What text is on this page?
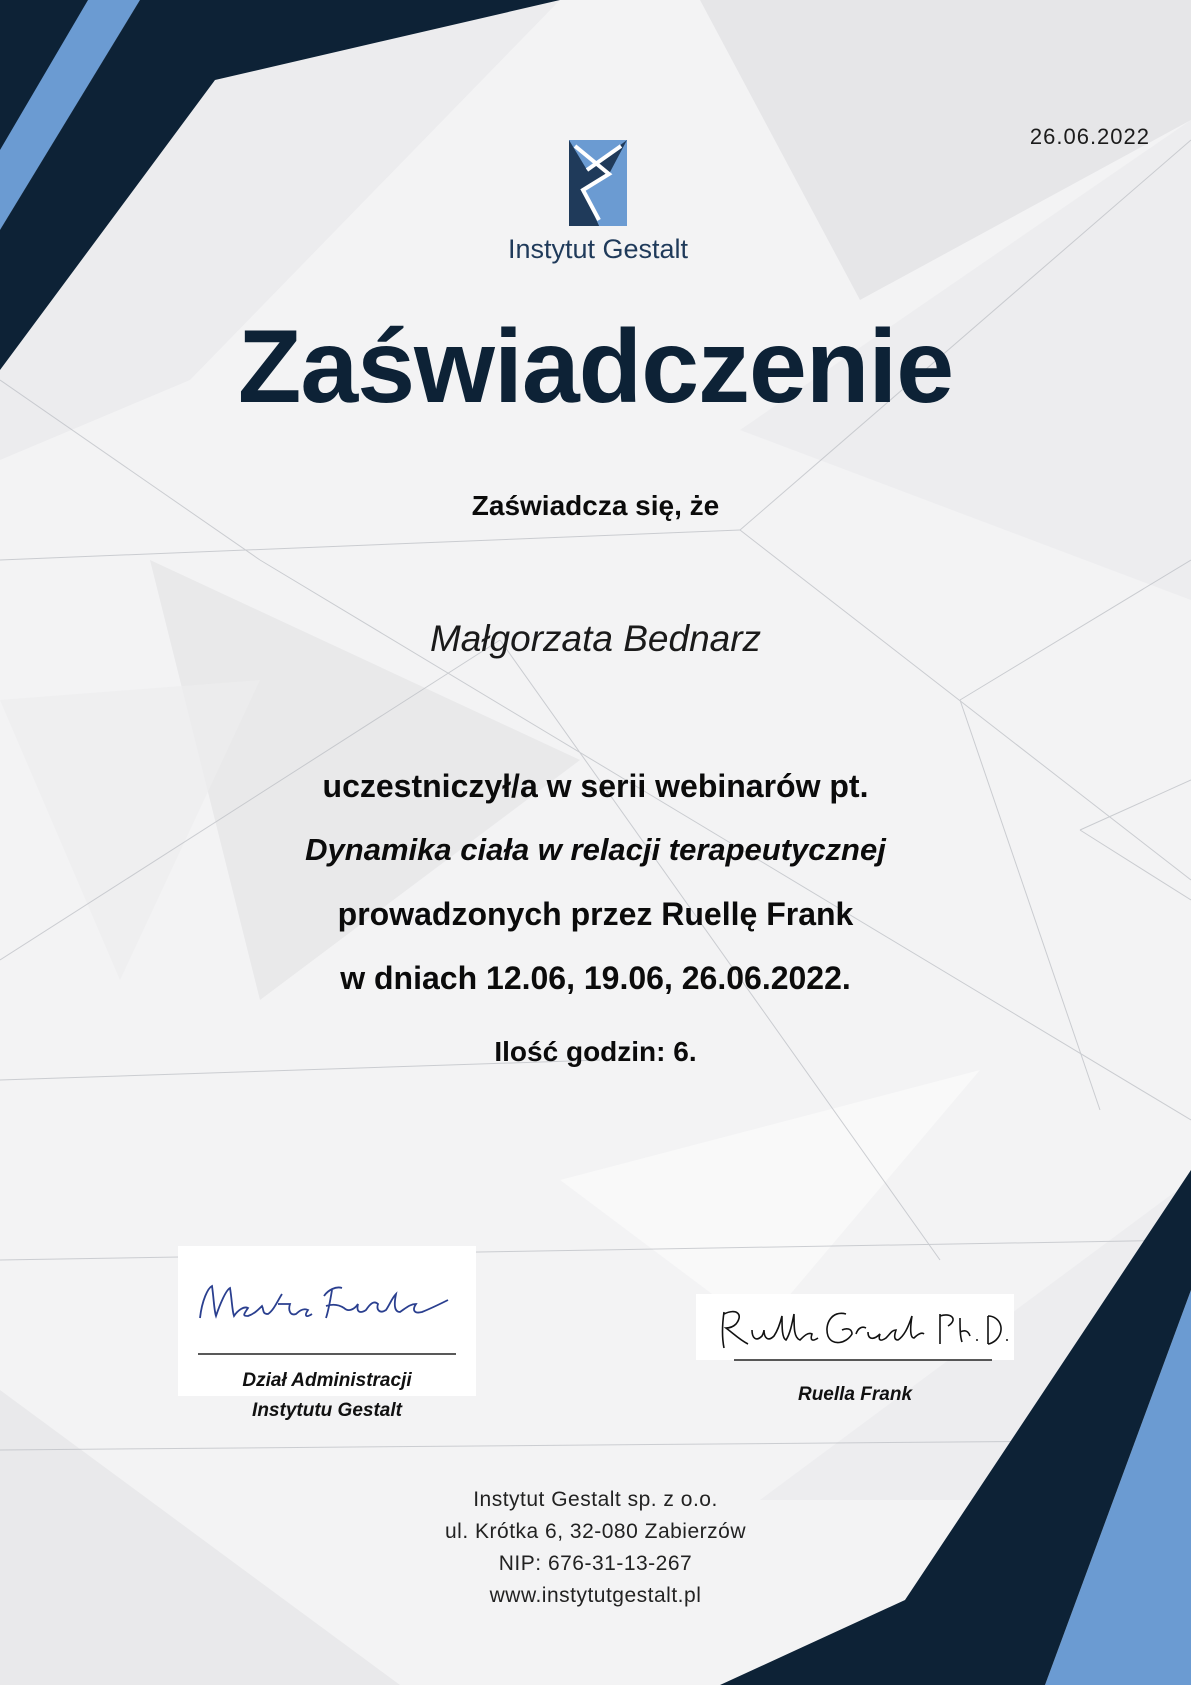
26.06.2022
Instytut Gestalt
Zaświadczenie
Zaświadcza się, że
Małgorzata Bednarz
uczestniczył/a w serii webinarów pt.
Dynamika ciała w relacji terapeutycznej
prowadzonych przez Ruellę Frank
w dniach 12.06, 19.06, 26.06.2022.
Ilość godzin: 6.
Dział Administracji
Instytutu Gestalt
Ruella Frank
Instytut Gestalt sp. z o.o.
ul. Krótka 6, 32-080 Zabierzów
NIP: 676-31-13-267
www.instytutgestalt.pl
